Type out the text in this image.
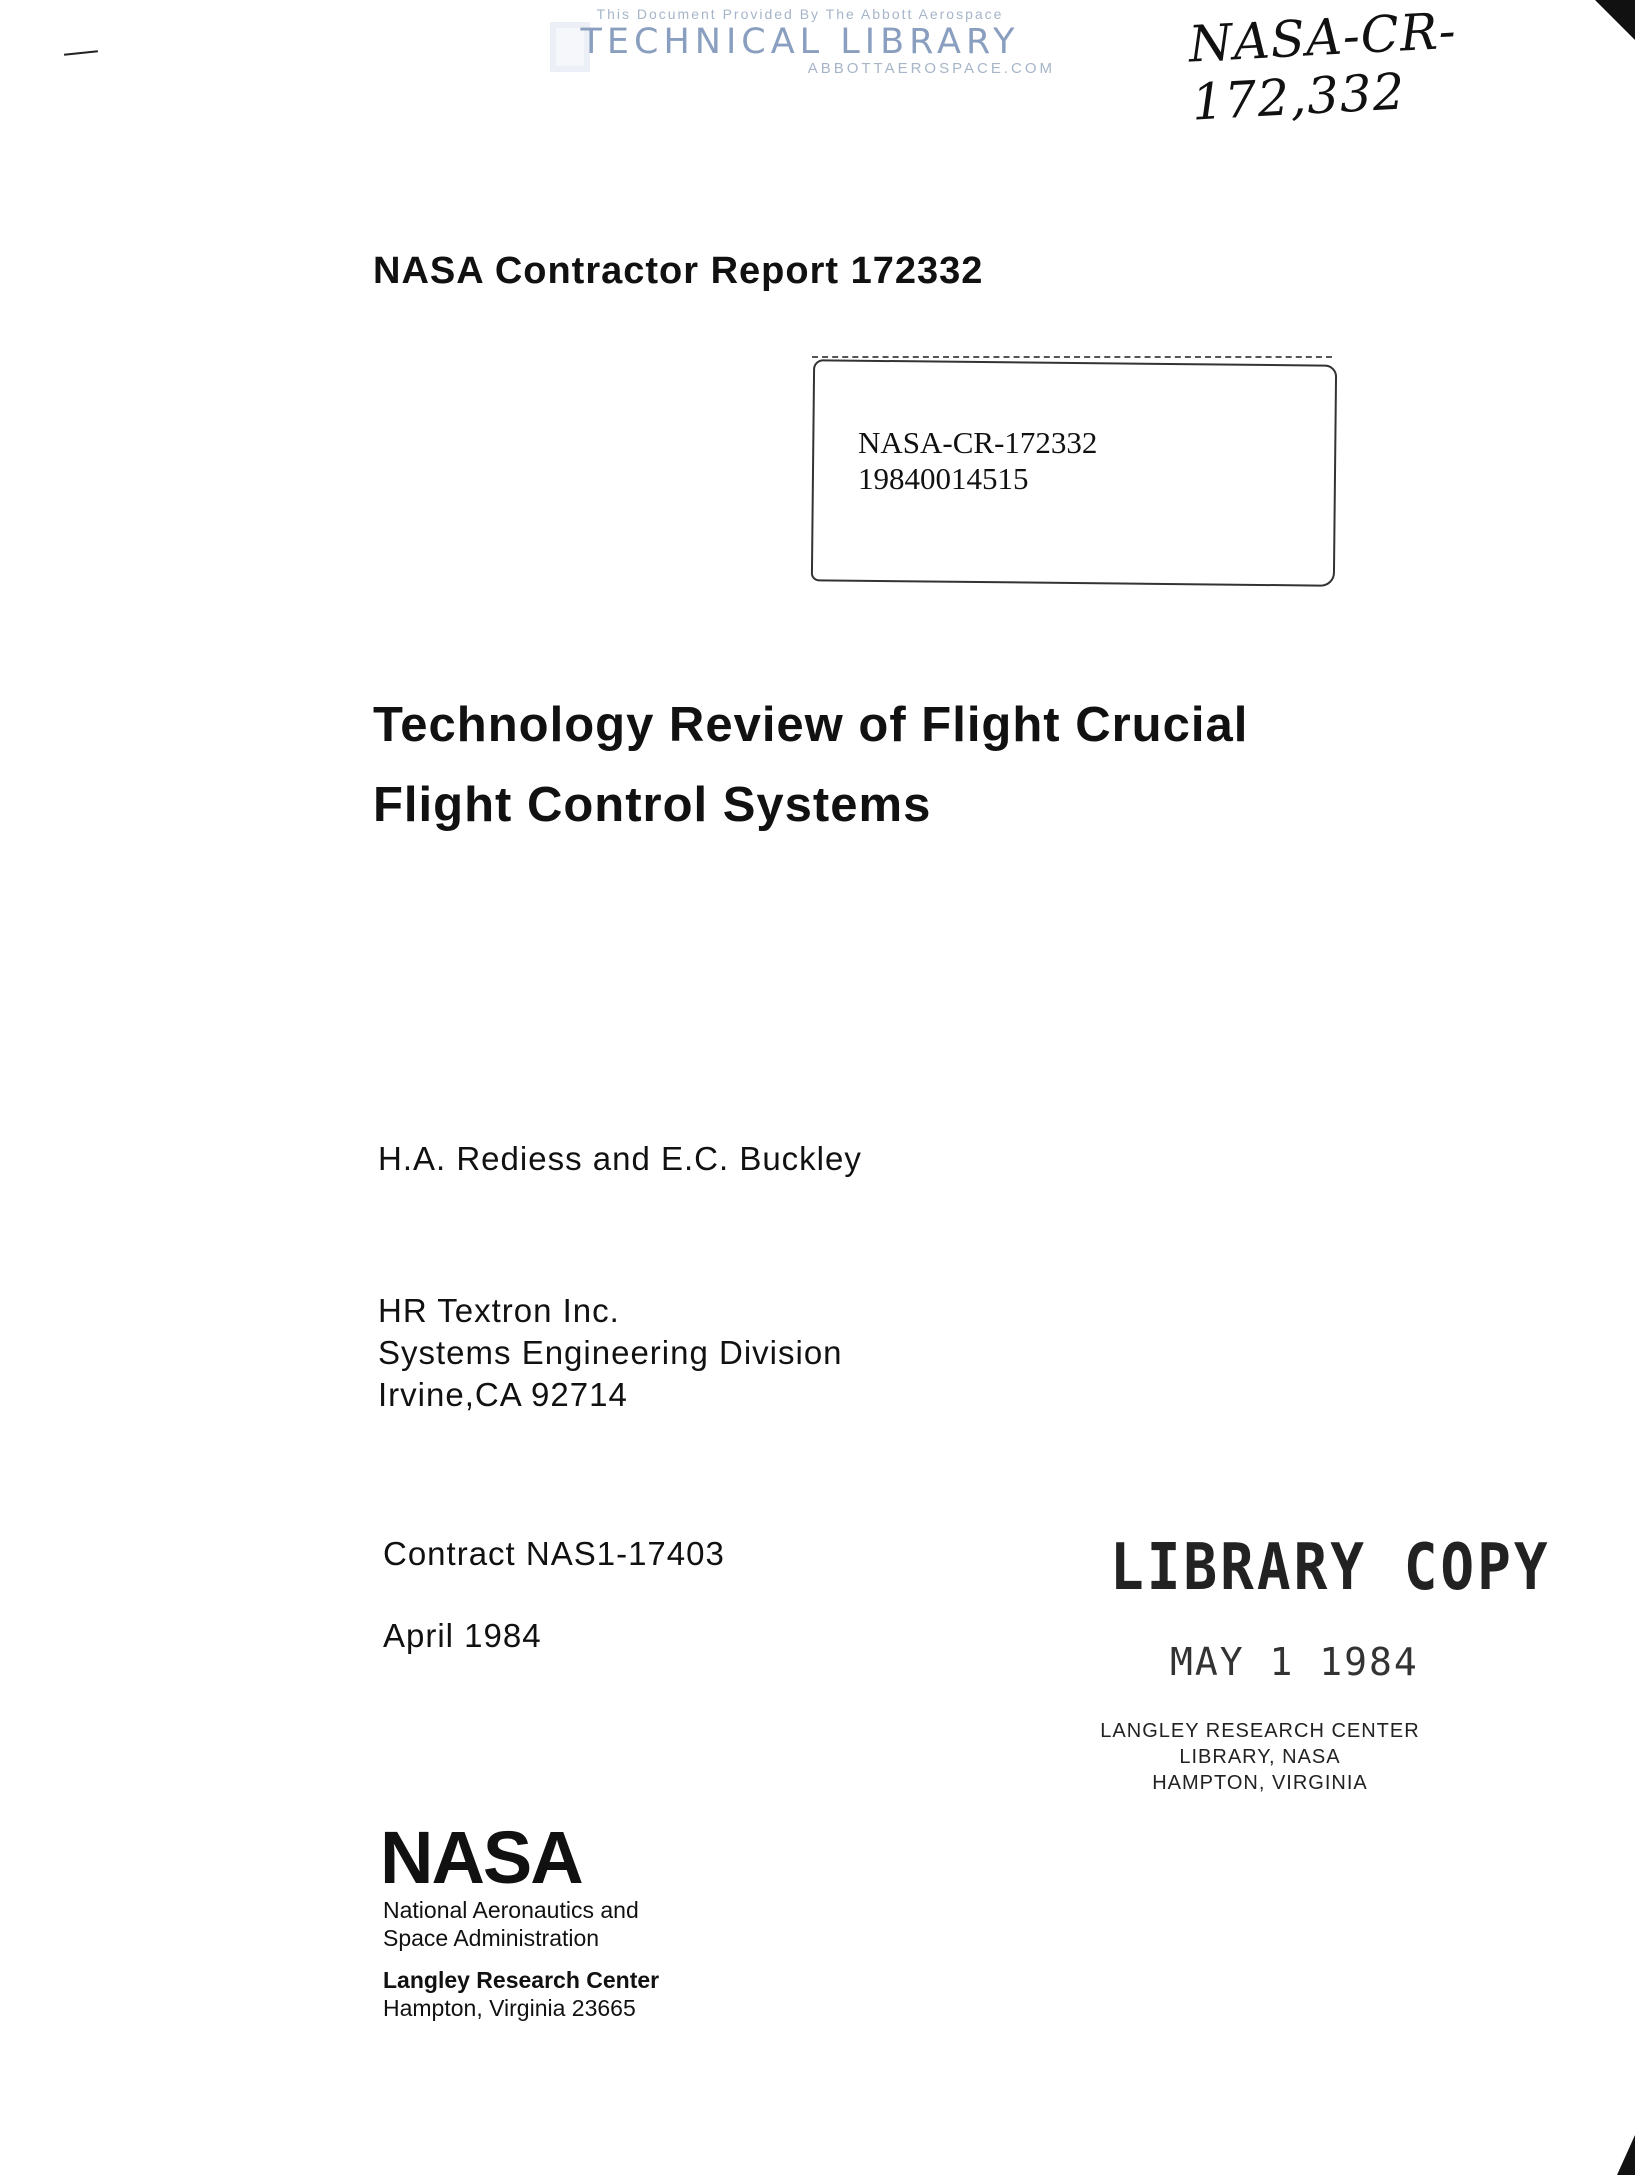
This Document Provided By The Abbott Aerospace
TECHNICAL LIBRARY
ABBOTTAEROSPACE.COM	NASA-CR-172,332
NASA Contractor Report 172332
NASA-CR-172332
19840014515
Technology Review of Flight Crucial
Flight Control Systems
H.A. Rediess and E.C. Buckley
HR Textron Inc.
Systems Engineering Division
Irvine,CA 92714
Contract NAS1-17403
April 1984
LIBRARY COPY
MAY 1 1984
LANGLEY RESEARCH CENTER
LIBRARY, NASA
HAMPTON, VIRGINIA
NASA
National Aeronautics and
Space Administration
Langley Research Center
Hampton, Virginia 23665
